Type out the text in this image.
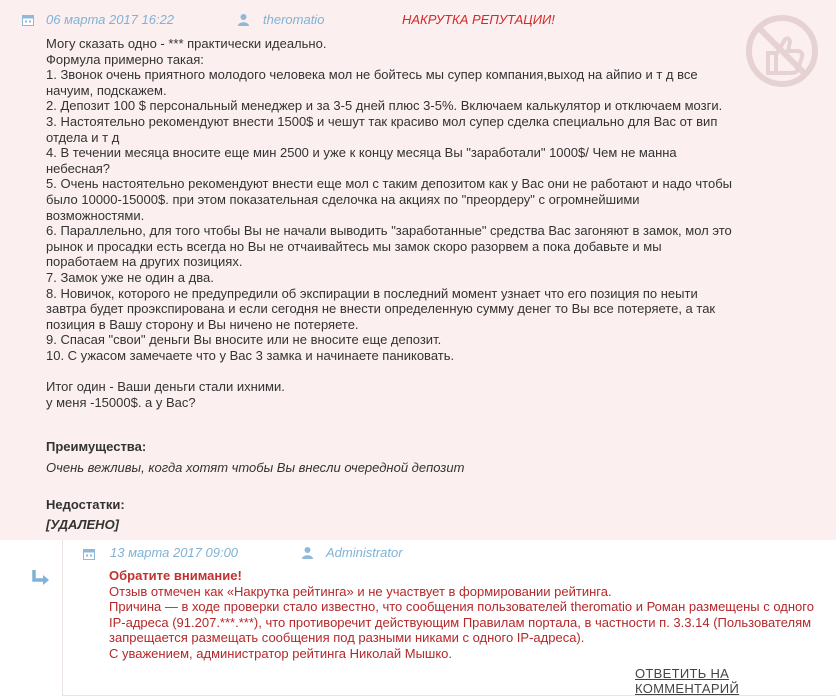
06 марта 2017 16:22	theromatio	НАКРУТКА РЕПУТАЦИИ!

Могу сказать одно - *** практически идеально.

Формула примерно такая:

1. Звонок очень приятного молодого человека мол не бойтесь мы супер компания,выход на айпио и т д все

начуим, подскажем.

2. Депозит 100 $ персональный менеджер и за 3-5 дней плюс 3-5%. Включаем калькулятор и отключаем мозги.

3. Настоятельно рекомендуют внести 1500$ и чешут так красиво мол супер сделка специально для Вас от вип

отдела и т д

4. В течении месяца вносите еще мин 2500 и уже к концу месяца Вы "заработали" 1000$/ Чем не манна

небесная?

5. Очень настоятельно рекомендуют внести еще мол с таким депозитом как у Вас они не работают и надо чтобы

было 10000-15000$. при этом показательная сделочка на акциях по "преордеру" с огромнейшими

возможностями.

6. Параллельно, для того чтобы Вы не начали выводить "заработанные" средства Вас загоняют в замок, мол это

рынок и просадки есть всегда но Вы не отчаивайтесь мы замок скоро разорвем а пока добавьте и мы

поработаем на других позициях.

7. Замок уже не один а два.

8. Новичок, которого не предупредили об экспирации в последний момент узнает что его позиция по неыти

завтра будет проэкспирована и если сегодня не внести определенную сумму денег то Вы все потеряете, а так

позиция в Вашу сторону и Вы ничено не потеряете.

9. Спасая "свои" деньги Вы вносите или не вносите еще депозит.

10. С ужасом замечаете что у Вас 3 замка и начинаете паниковать.

Итог один - Ваши деньги стали ихними.

у меня -15000$. а у Вас?

Преимущества:
Очень вежливы, когда хотят чтобы Вы внесли очередной депозит
Недостатки:
[УДАЛЕНО]
13 марта 2017 09:00	Administrator

Обратите внимание!

Отзыв отмечен как «Накрутка рейтинга» и не участвует в формировании рейтинга.

Причина — в ходе проверки стало известно, что сообщения пользователей theromatio и Роман размещены с одного

IP-адреса (91.207.***.***), что противоречит действующим Правилам портала, в частности п. 3.3.14 (Пользователям

запрещается размещать сообщения под разными никами с одного IP-адреса).

С уважением, администратор рейтинга Николай Мышко.

ОТВЕТИТЬ НА КОММЕНТАРИЙ
